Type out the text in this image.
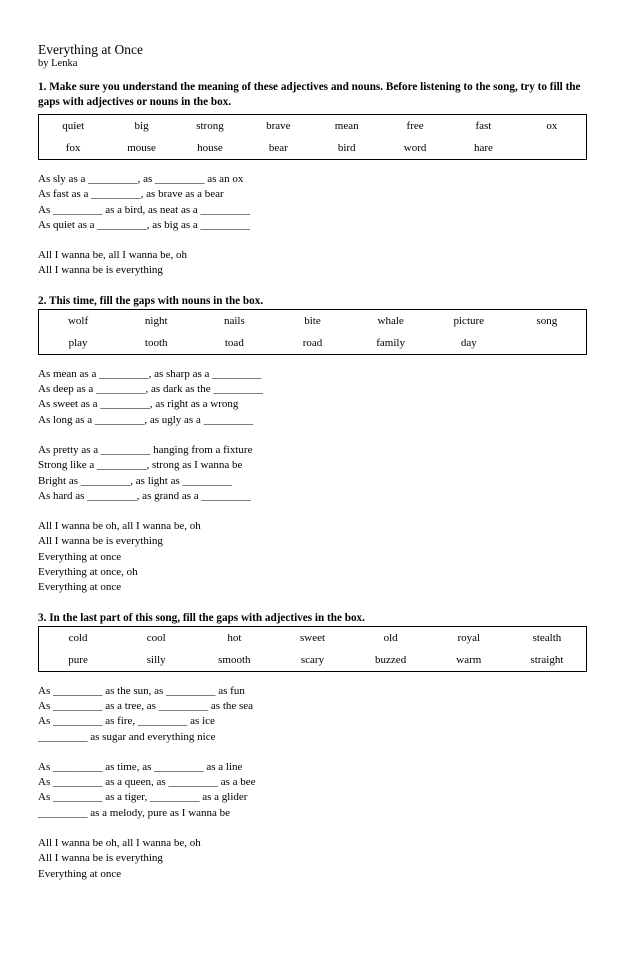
Everything at Once
by Lenka
1. Make sure you understand the meaning of these adjectives and nouns. Before listening to the song, try to fill the gaps with adjectives or nouns in the box.
quiet	big	strong	brave	mean	free	fast	ox
fox	mouse	house	bear	bird	word	hare	
As sly as a _________, as _________ as an ox
As fast as a _________, as brave as a bear
As _________ as a bird, as neat as a _________
As quiet as a _________, as big as a _________
All I wanna be, all I wanna be, oh
All I wanna be is everything
2. This time, fill the gaps with nouns in the box.
wolf	night	nails	bite	whale	picture	song
play	tooth	toad	road	family	day	
As mean as a _________, as sharp as a _________
As deep as a _________, as dark as the _________
As sweet as a _________, as right as a wrong
As long as a _________, as ugly as a _________
As pretty as a _________ hanging from a fixture
Strong like a _________, strong as I wanna be
Bright as _________, as light as _________
As hard as _________, as grand as a _________
All I wanna be oh, all I wanna be, oh
All I wanna be is everything
Everything at once
Everything at once, oh
Everything at once
3. In the last part of this song, fill the gaps with adjectives in the box.
cold	cool	hot	sweet	old	royal	stealth
pure	silly	smooth	scary	buzzed	warm	straight
As _________ as the sun, as _________ as fun
As _________ as a tree, as _________ as the sea
As _________ as fire, _________ as ice
_________ as sugar and everything nice
As _________ as time, as _________ as a line
As _________ as a queen, as _________ as a bee
As _________ as a tiger, _________ as a glider
_________ as a melody, pure as I wanna be
All I wanna be oh, all I wanna be, oh
All I wanna be is everything
Everything at once
